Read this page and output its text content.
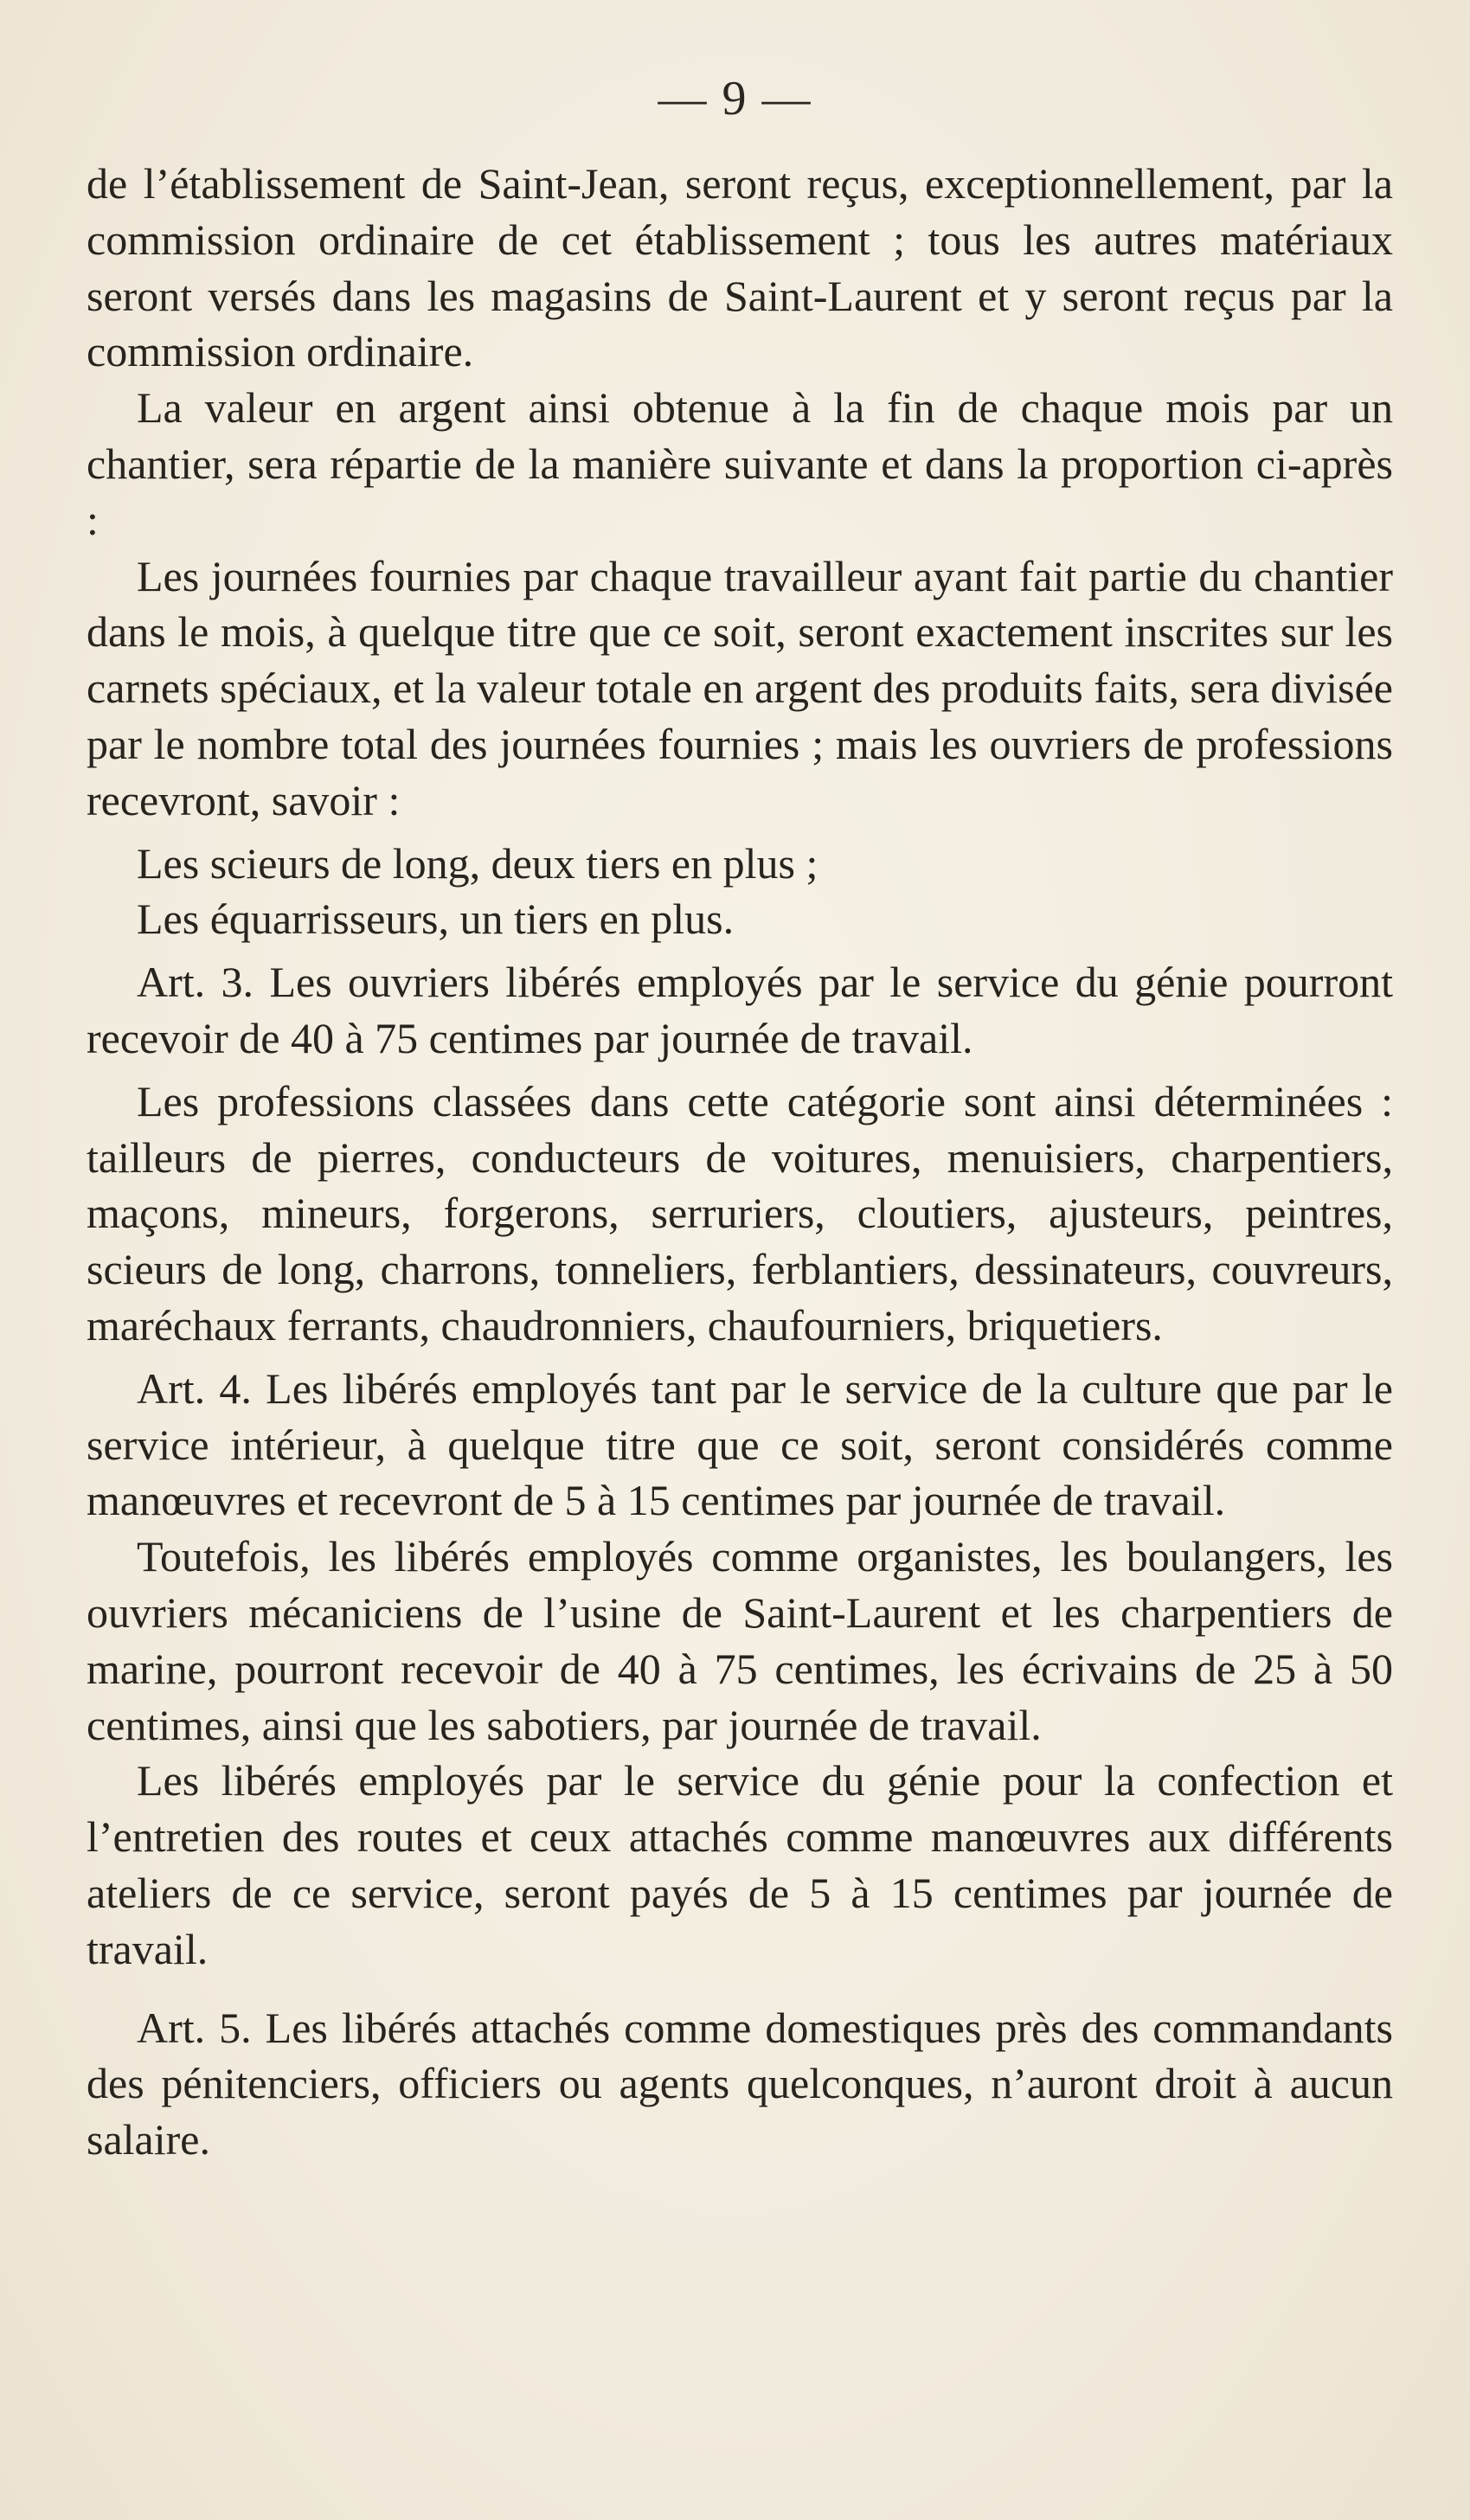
— 9 —

de l’établissement de Saint-Jean, seront reçus, exceptionnellement, par la commission ordinaire de cet établissement ; tous les autres matériaux seront versés dans les magasins de Saint-Laurent et y seront reçus par la commission ordinaire.

La valeur en argent ainsi obtenue à la fin de chaque mois par un chantier, sera répartie de la manière suivante et dans la proportion ci-après :

Les journées fournies par chaque travailleur ayant fait partie du chantier dans le mois, à quelque titre que ce soit, seront exactement inscrites sur les carnets spéciaux, et la valeur totale en argent des produits faits, sera divisée par le nombre total des journées fournies ; mais les ouvriers de professions recevront, savoir :

Les scieurs de long, deux tiers en plus ;

Les équarrisseurs, un tiers en plus.

Art. 3. Les ouvriers libérés employés par le service du génie pourront recevoir de 40 à 75 centimes par journée de travail.

Les professions classées dans cette catégorie sont ainsi déterminées : tailleurs de pierres, conducteurs de voitures, menuisiers, charpentiers, maçons, mineurs, forgerons, serruriers, cloutiers, ajusteurs, peintres, scieurs de long, charrons, tonneliers, ferblantiers, dessinateurs, couvreurs, maréchaux ferrants, chaudronniers, chaufourniers, briquetiers.

Art. 4. Les libérés employés tant par le service de la culture que par le service intérieur, à quelque titre que ce soit, seront considérés comme manœuvres et recevront de 5 à 15 centimes par journée de travail.

Toutefois, les libérés employés comme organistes, les boulangers, les ouvriers mécaniciens de l’usine de Saint-Laurent et les charpentiers de marine, pourront recevoir de 40 à 75 centimes, les écrivains de 25 à 50 centimes, ainsi que les sabotiers, par journée de travail.

Les libérés employés par le service du génie pour la confection et l’entretien des routes et ceux attachés comme manœuvres aux différents ateliers de ce service, seront payés de 5 à 15 centimes par journée de travail.

Art. 5. Les libérés attachés comme domestiques près des commandants des pénitenciers, officiers ou agents quelconques, n’auront droit à aucun salaire.
